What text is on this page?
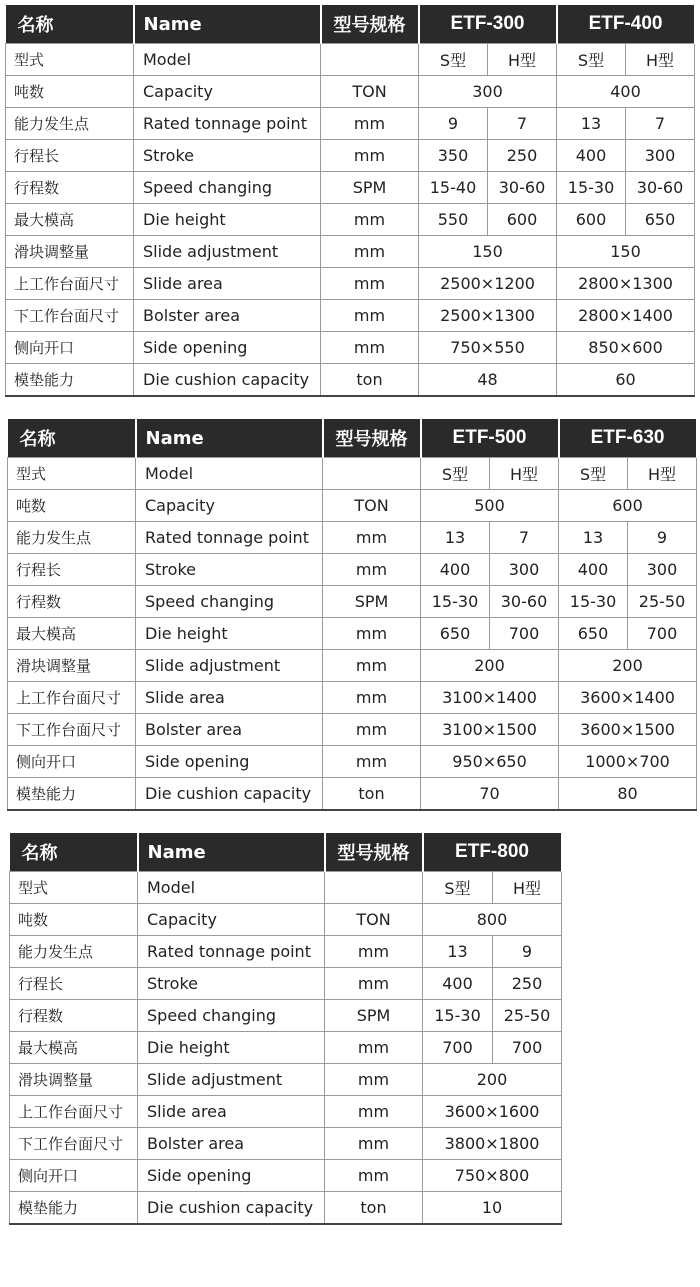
名称	Name	型号规格	ETF-300		ETF-400	
型式	Model		S型	H型	S型	H型
吨数	Capacity	TON	300		400	
能力发生点	Rated tonnage point	mm	9	7	13	7
行程长	Stroke	mm	350	250	400	300
行程数	Speed changing	SPM	15-40	30-60	15-30	30-60
最大模高	Die height	mm	550	600	600	650
滑块调整量	Slide adjustment	mm	150		150	
上工作台面尺寸	Slide area	mm	2500×1200		2800×1300	
下工作台面尺寸	Bolster area	mm	2500×1300		2800×1400	
侧向开口	Side opening	mm	750×550		850×600	
模垫能力	Die cushion capacity	ton	48		60	
名称	Name	型号规格	ETF-500		ETF-630	
型式	Model		S型	H型	S型	H型
吨数	Capacity	TON	500		600	
能力发生点	Rated tonnage point	mm	13	7	13	9
行程长	Stroke	mm	400	300	400	300
行程数	Speed changing	SPM	15-30	30-60	15-30	25-50
最大模高	Die height	mm	650	700	650	700
滑块调整量	Slide adjustment	mm	200		200	
上工作台面尺寸	Slide area	mm	3100×1400		3600×1400	
下工作台面尺寸	Bolster area	mm	3100×1500		3600×1500	
侧向开口	Side opening	mm	950×650		1000×700	
模垫能力	Die cushion capacity	ton	70		80	
名称	Name	型号规格	ETF-800	
型式	Model		S型	H型
吨数	Capacity	TON	800	
能力发生点	Rated tonnage point	mm	13	9
行程长	Stroke	mm	400	250
行程数	Speed changing	SPM	15-30	25-50
最大模高	Die height	mm	700	700
滑块调整量	Slide adjustment	mm	200	
上工作台面尺寸	Slide area	mm	3600×1600	
下工作台面尺寸	Bolster area	mm	3800×1800	
侧向开口	Side opening	mm	750×800	
模垫能力	Die cushion capacity	ton	10	
